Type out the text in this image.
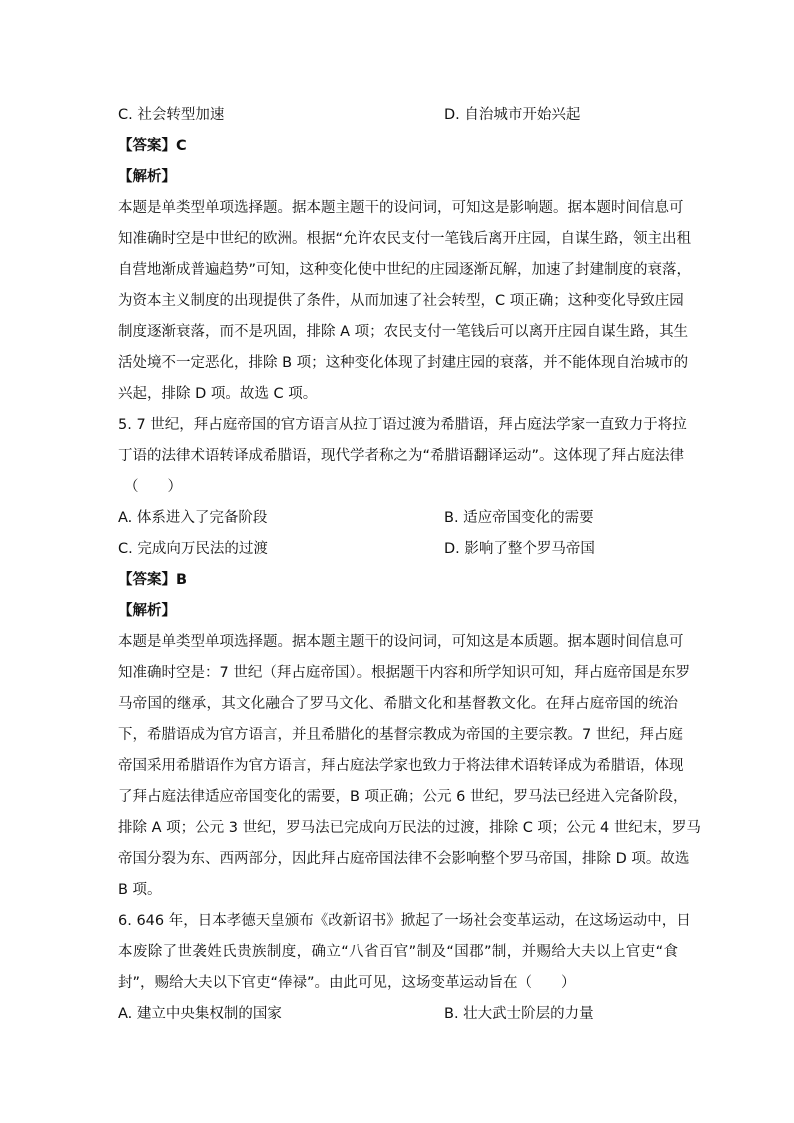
C. 社会转型加速	D. 自治城市开始兴起
【答案】C
【解析】
本题是单类型单项选择题。据本题主题干的设问词，可知这是影响题。据本题时间信息可
知准确时空是中世纪的欧洲。根据“允许农民支付一笔钱后离开庄园，自谋生路，领主出租
自营地渐成普遍趋势”可知，这种变化使中世纪的庄园逐渐瓦解，加速了封建制度的衰落，
为资本主义制度的出现提供了条件，从而加速了社会转型，C 项正确；这种变化导致庄园
制度逐渐衰落，而不是巩固，排除 A 项；农民支付一笔钱后可以离开庄园自谋生路，其生
活处境不一定恶化，排除 B 项；这种变化体现了封建庄园的衰落，并不能体现自治城市的
兴起，排除 D 项。故选 C 项。
5. 7 世纪，拜占庭帝国的官方语言从拉丁语过渡为希腊语，拜占庭法学家一直致力于将拉
丁语的法律术语转译成希腊语，现代学者称之为“希腊语翻译运动”。这体现了拜占庭法律
（　　）
A. 体系进入了完备阶段	B. 适应帝国变化的需要
C. 完成向万民法的过渡	D. 影响了整个罗马帝国
【答案】B
【解析】
本题是单类型单项选择题。据本题主题干的设问词，可知这是本质题。据本题时间信息可
知准确时空是：7 世纪（拜占庭帝国）。根据题干内容和所学知识可知，拜占庭帝国是东罗
马帝国的继承，其文化融合了罗马文化、希腊文化和基督教文化。在拜占庭帝国的统治
下，希腊语成为官方语言，并且希腊化的基督宗教成为帝国的主要宗教。7 世纪，拜占庭
帝国采用希腊语作为官方语言，拜占庭法学家也致力于将法律术语转译成为希腊语，体现
了拜占庭法律适应帝国变化的需要，B 项正确；公元 6 世纪，罗马法已经进入完备阶段，
排除 A 项；公元 3 世纪，罗马法已完成向万民法的过渡，排除 C 项；公元 4 世纪末，罗马
帝国分裂为东、西两部分，因此拜占庭帝国法律不会影响整个罗马帝国，排除 D 项。故选
B 项。
6. 646 年，日本孝德天皇颁布《改新诏书》掀起了一场社会变革运动，在这场运动中，日
本废除了世袭姓氏贵族制度，确立“八省百官”制及“国郡”制，并赐给大夫以上官吏“食
封”，赐给大夫以下官吏“俸禄”。由此可见，这场变革运动旨在（　　）
A. 建立中央集权制的国家	B. 壮大武士阶层的力量
